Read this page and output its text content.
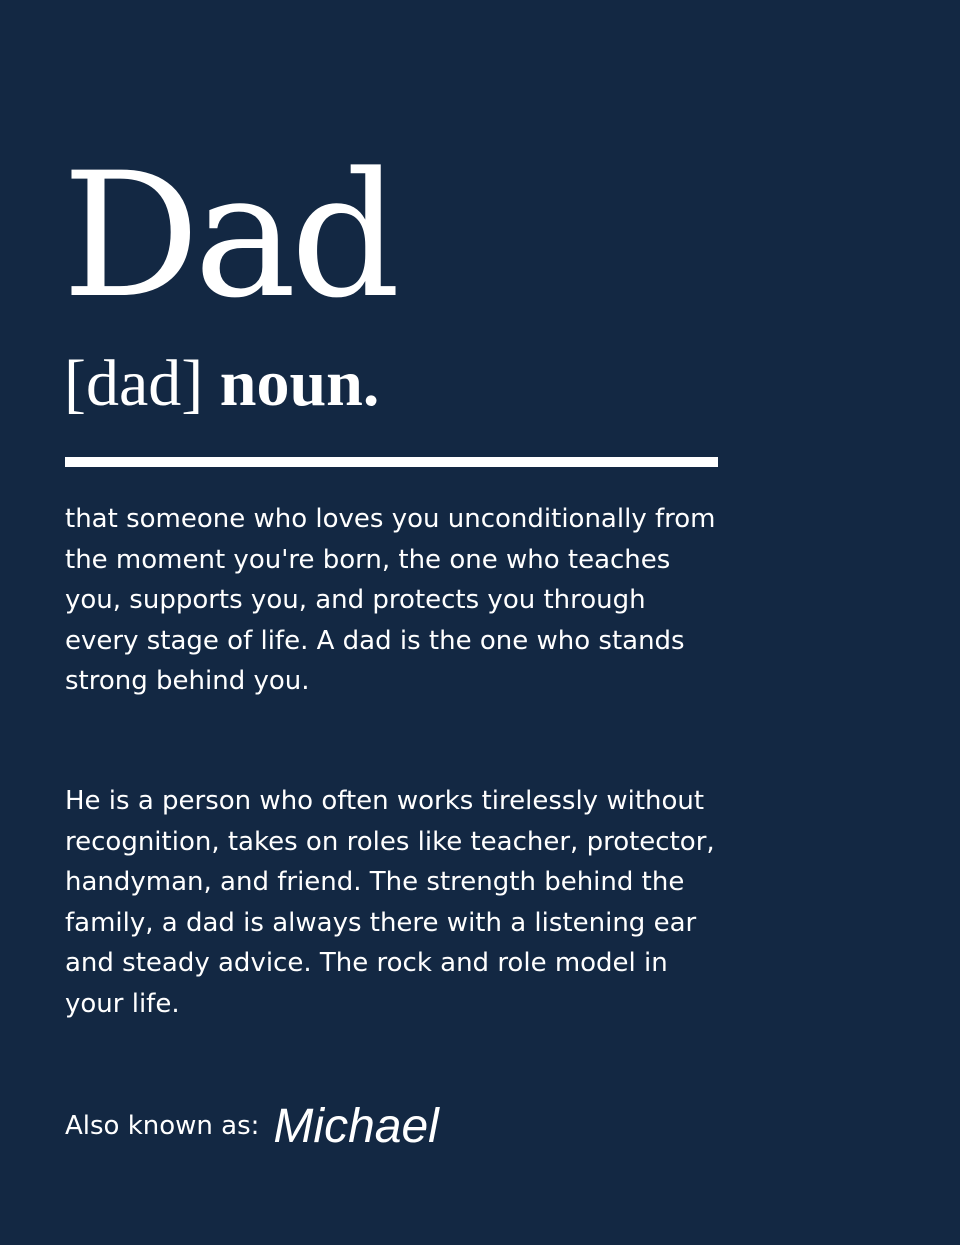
Dad

[dad] noun.

that someone who loves you unconditionally from the moment you're born, the one who teaches you, supports you, and protects you through every stage of life. A dad is the one who stands strong behind you.

He is a person who often works tirelessly without recognition, takes on roles like teacher, protector, handyman, and friend. The strength behind the family, a dad is always there with a listening ear and steady advice. The rock and role model in your life.

Also known as: Michael
